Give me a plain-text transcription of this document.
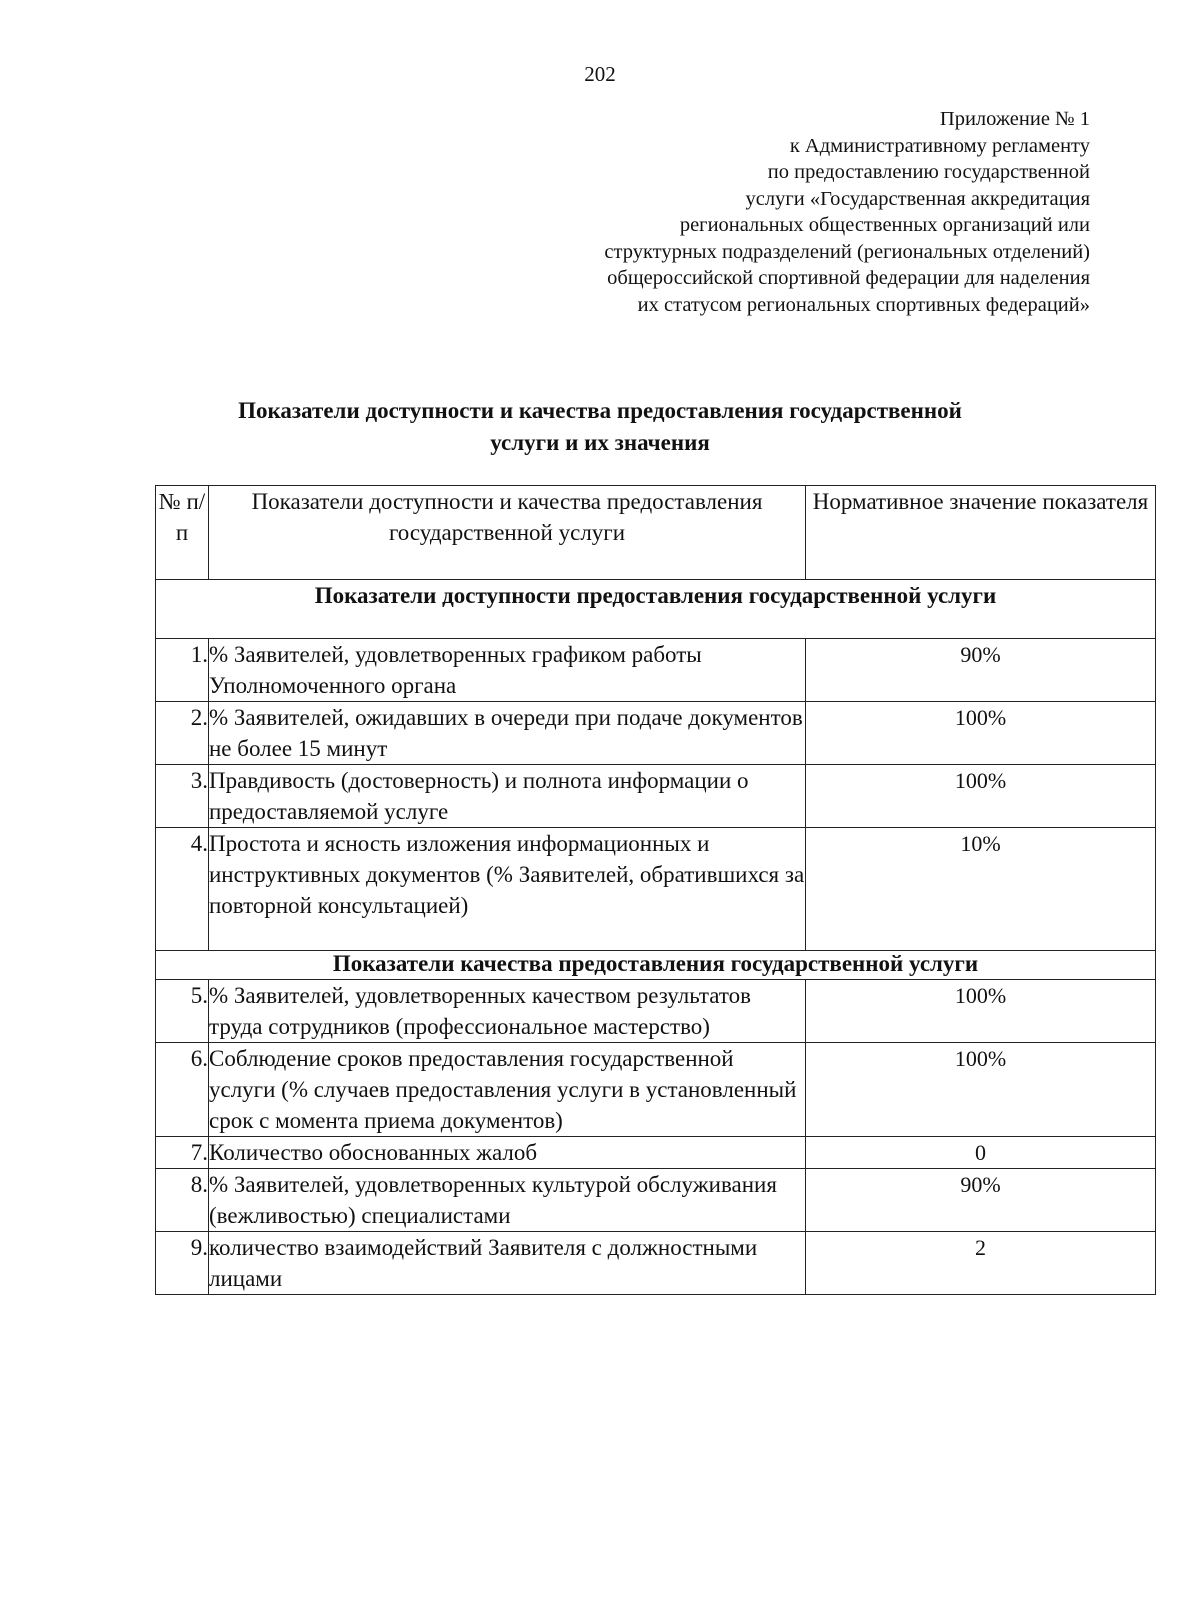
202
Приложение № 1
к Административному регламенту
по предоставлению государственной
услуги «Государственная аккредитация
региональных общественных организаций или
структурных подразделений (региональных отделений)
общероссийской спортивной федерации для наделения
их статусом региональных спортивных федераций»
Показатели доступности и качества предоставления государственной
услуги и их значения
№ п/п	Показатели доступности и качества предоставления государственной услуги	Нормативное значение показателя
Показатели доступности предоставления государственной услуги		
1.	% Заявителей, удовлетворенных графиком работы Уполномоченного органа	90%
2.	% Заявителей, ожидавших в очереди при подаче документов не более 15 минут	100%
3.	Правдивость (достоверность) и полнота информации о предоставляемой услуге	100%
4.	Простота и ясность изложения информационных и инструктивных документов (% Заявителей, обратившихся за повторной консультацией)	10%
Показатели качества предоставления государственной услуги		
5.	% Заявителей, удовлетворенных качеством результатов труда сотрудников (профессиональное мастерство)	100%
6.	Соблюдение сроков предоставления государственной услуги (% случаев предоставления услуги в установленный срок с момента приема документов)	100%
7.	Количество обоснованных жалоб	0
8.	% Заявителей, удовлетворенных культурой обслуживания (вежливостью) специалистами	90%
9.	количество взаимодействий Заявителя с должностными лицами	2
